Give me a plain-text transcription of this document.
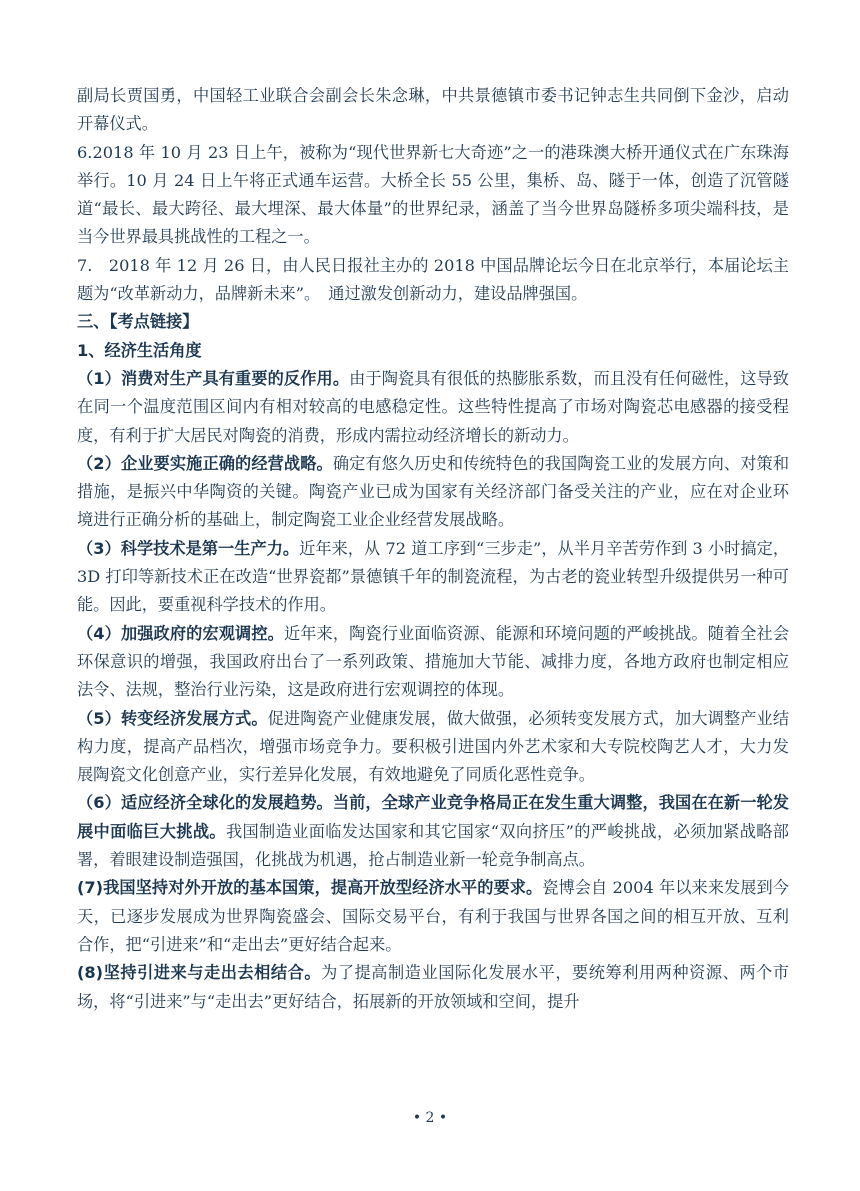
副局长贾国勇，中国轻工业联合会副会长朱念琳，中共景德镇市委书记钟志生共同倒下金沙，启动开幕仪式。

6.2018 年 10 月 23 日上午，被称为“现代世界新七大奇迹”之一的港珠澳大桥开通仪式在广东珠海举行。10 月 24 日上午将正式通车运营。大桥全长 55 公里，集桥、岛、隧于一体，创造了沉管隧道“最长、最大跨径、最大埋深、最大体量”的世界纪录，涵盖了当今世界岛隧桥多项尖端科技，是当今世界最具挑战性的工程之一。

7.　2018 年 12 月 26 日，由人民日报社主办的 2018 中国品牌论坛今日在北京举行，本届论坛主题为“改革新动力，品牌新未来”。　通过激发创新动力，建设品牌强国。

三、【考点链接】

1、经济生活角度

（1）消费对生产具有重要的反作用。由于陶瓷具有很低的热膨胀系数，而且没有任何磁性，这导致在同一个温度范围区间内有相对较高的电感稳定性。这些特性提高了市场对陶瓷芯电感器的接受程度，有利于扩大居民对陶瓷的消费，形成内需拉动经济增长的新动力。

（2）企业要实施正确的经营战略。确定有悠久历史和传统特色的我国陶瓷工业的发展方向、对策和措施，是振兴中华陶资的关键。陶瓷产业已成为国家有关经济部门备受关注的产业，应在对企业环境进行正确分析的基础上，制定陶瓷工业企业经营发展战略。

（3）科学技术是第一生产力。近年来，从 72 道工序到“三步走”，从半月辛苦劳作到 3 小时搞定，3D 打印等新技术正在改造“世界瓷都”景德镇千年的制瓷流程，为古老的瓷业转型升级提供另一种可能。因此，要重视科学技术的作用。

（4）加强政府的宏观调控。近年来，陶瓷行业面临资源、能源和环境问题的严峻挑战。随着全社会环保意识的增强，我国政府出台了一系列政策、措施加大节能、减排力度，各地方政府也制定相应法令、法规，整治行业污染，这是政府进行宏观调控的体现。

（5）转变经济发展方式。促进陶瓷产业健康发展，做大做强，必须转变发展方式，加大调整产业结构力度，提高产品档次，增强市场竞争力。要积极引进国内外艺术家和大专院校陶艺人才，大力发展陶瓷文化创意产业，实行差异化发展，有效地避免了同质化恶性竞争。

（6）适应经济全球化的发展趋势。当前，全球产业竞争格局正在发生重大调整，我国在在新一轮发展中面临巨大挑战。我国制造业面临发达国家和其它国家“双向挤压”的严峻挑战，必须加紧战略部署，着眼建设制造强国，化挑战为机遇，抢占制造业新一轮竞争制高点。

(7)我国坚持对外开放的基本国策，提高开放型经济水平的要求。瓷博会自 2004 年以来来发展到今天，已逐步发展成为世界陶瓷盛会、国际交易平台，有利于我国与世界各国之间的相互开放、互利合作，把“引进来”和“走出去”更好结合起来。

(8)坚持引进来与走出去相结合。为了提高制造业国际化发展水平，要统筹利用两种资源、两个市场，将“引进来”与“走出去”更好结合，拓展新的开放领域和空间，提升

• 2 •
